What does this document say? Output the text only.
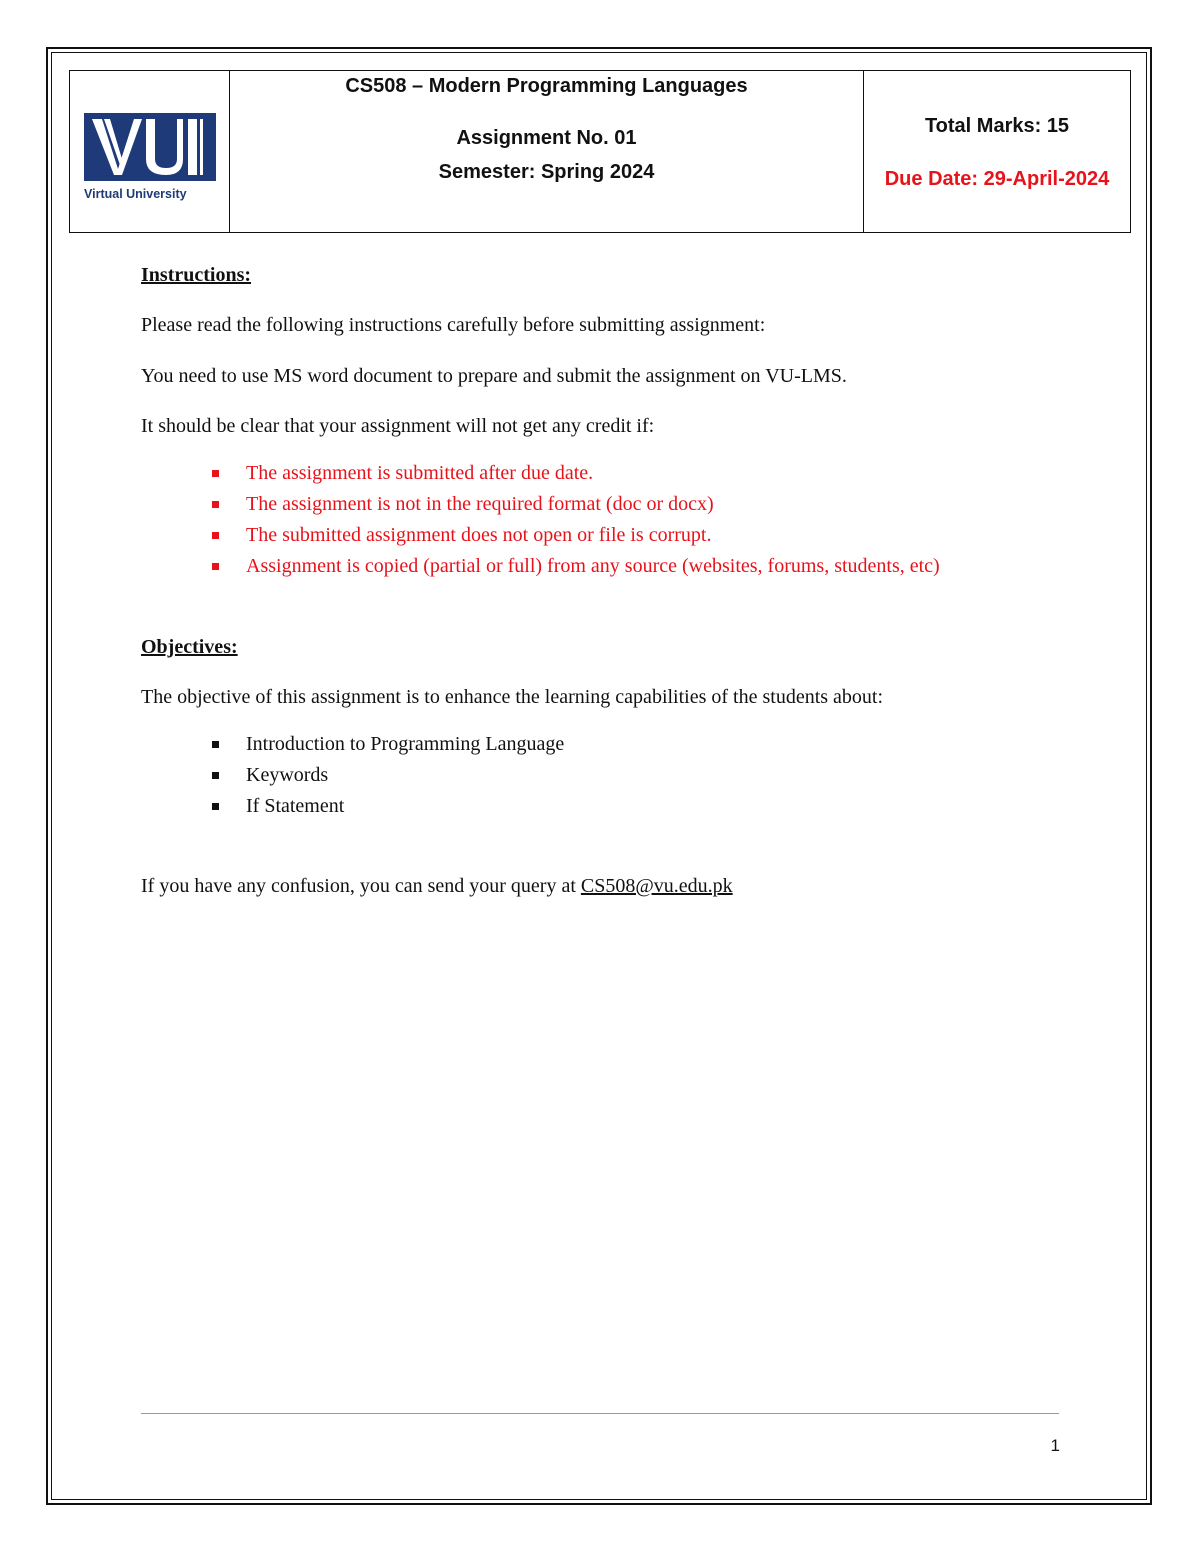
Virtual University
CS508 – Modern Programming Languages
Assignment No. 01
Semester: Spring 2024
Total Marks: 15
Due Date: 29-April-2024

Instructions:

Please read the following instructions carefully before submitting assignment:

You need to use MS word document to prepare and submit the assignment on VU-LMS.

It should be clear that your assignment will not get any credit if:

The assignment is submitted after due date.
The assignment is not in the required format (doc or docx)
The submitted assignment does not open or file is corrupt.
Assignment is copied (partial or full) from any source (websites, forums, students, etc)

Objectives:

The objective of this assignment is to enhance the learning capabilities of the students about:

Introduction to Programming Language
Keywords
If Statement

If you have any confusion, you can send your query at CS508@vu.edu.pk

1
